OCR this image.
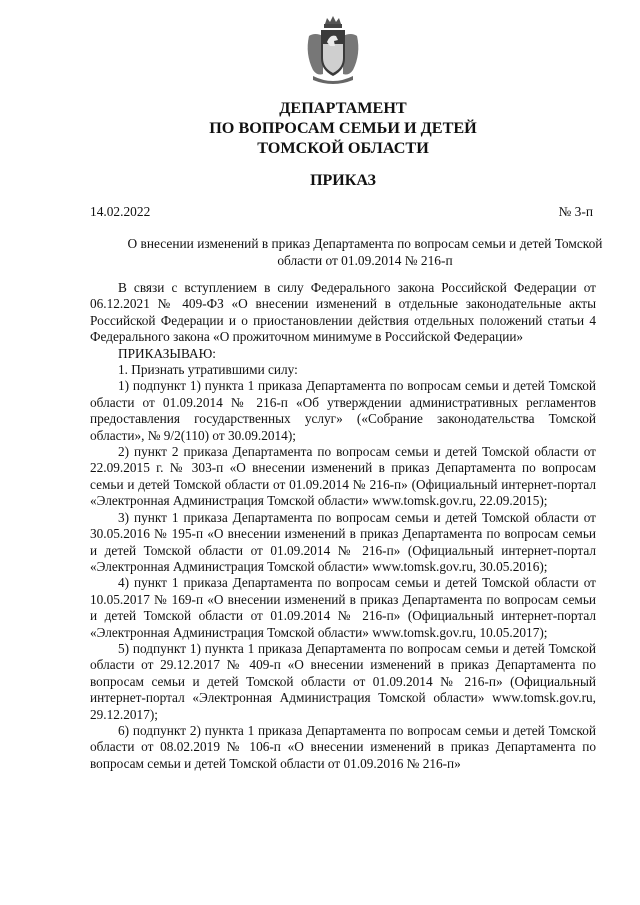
ДЕПАРТАМЕНТ
ПО ВОПРОСАМ СЕМЬИ И ДЕТЕЙ
ТОМСКОЙ ОБЛАСТИ
ПРИКАЗ
14.02.2022	№ 3-п
О внесении изменений в приказ Департамента по вопросам семьи и детей Томской области от 01.09.2014 № 216-п

В связи с вступлением в силу Федерального закона Российской Федерации от 06.12.2021 № 409-ФЗ «О внесении изменений в отдельные законодательные акты Российской Федерации и о приостановлении действия отдельных положений статьи 4 Федерального закона «О прожиточном минимуме в Российской Федерации»

ПРИКАЗЫВАЮ:

1. Признать утратившими силу:

1) подпункт 1) пункта 1 приказа Департамента по вопросам семьи и детей Томской области от 01.09.2014 № 216-п «Об утверждении административных регламентов предоставления государственных услуг» («Собрание законодательства Томской области», № 9/2(110) от 30.09.2014);

2) пункт 2 приказа Департамента по вопросам семьи и детей Томской области от 22.09.2015 г. № 303-п «О внесении изменений в приказ Департамента по вопросам семьи и детей Томской области от 01.09.2014 № 216-п» (Официальный интернет-портал «Электронная Администрация Томской области» www.tomsk.gov.ru, 22.09.2015);

3) пункт 1 приказа Департамента по вопросам семьи и детей Томской области от 30.05.2016 № 195-п «О внесении изменений в приказ Департамента по вопросам семьи и детей Томской области от 01.09.2014 № 216-п» (Официальный интернет-портал «Электронная Администрация Томской области» www.tomsk.gov.ru, 30.05.2016);

4) пункт 1 приказа Департамента по вопросам семьи и детей Томской области от 10.05.2017 № 169-п «О внесении изменений в приказ Департамента по вопросам семьи и детей Томской области от 01.09.2014 № 216-п» (Официальный интернет-портал «Электронная Администрация Томской области» www.tomsk.gov.ru, 10.05.2017);

5) подпункт 1) пункта 1 приказа Департамента по вопросам семьи и детей Томской области от 29.12.2017 № 409-п «О внесении изменений в приказ Департамента по вопросам семьи и детей Томской области от 01.09.2014 № 216-п» (Официальный интернет-портал «Электронная Администрация Томской области» www.tomsk.gov.ru, 29.12.2017);

6) подпункт 2) пункта 1 приказа Департамента по вопросам семьи и детей Томской области от 08.02.2019 № 106-п «О внесении изменений в приказ Департамента по вопросам семьи и детей Томской области от 01.09.2016 № 216-п»
